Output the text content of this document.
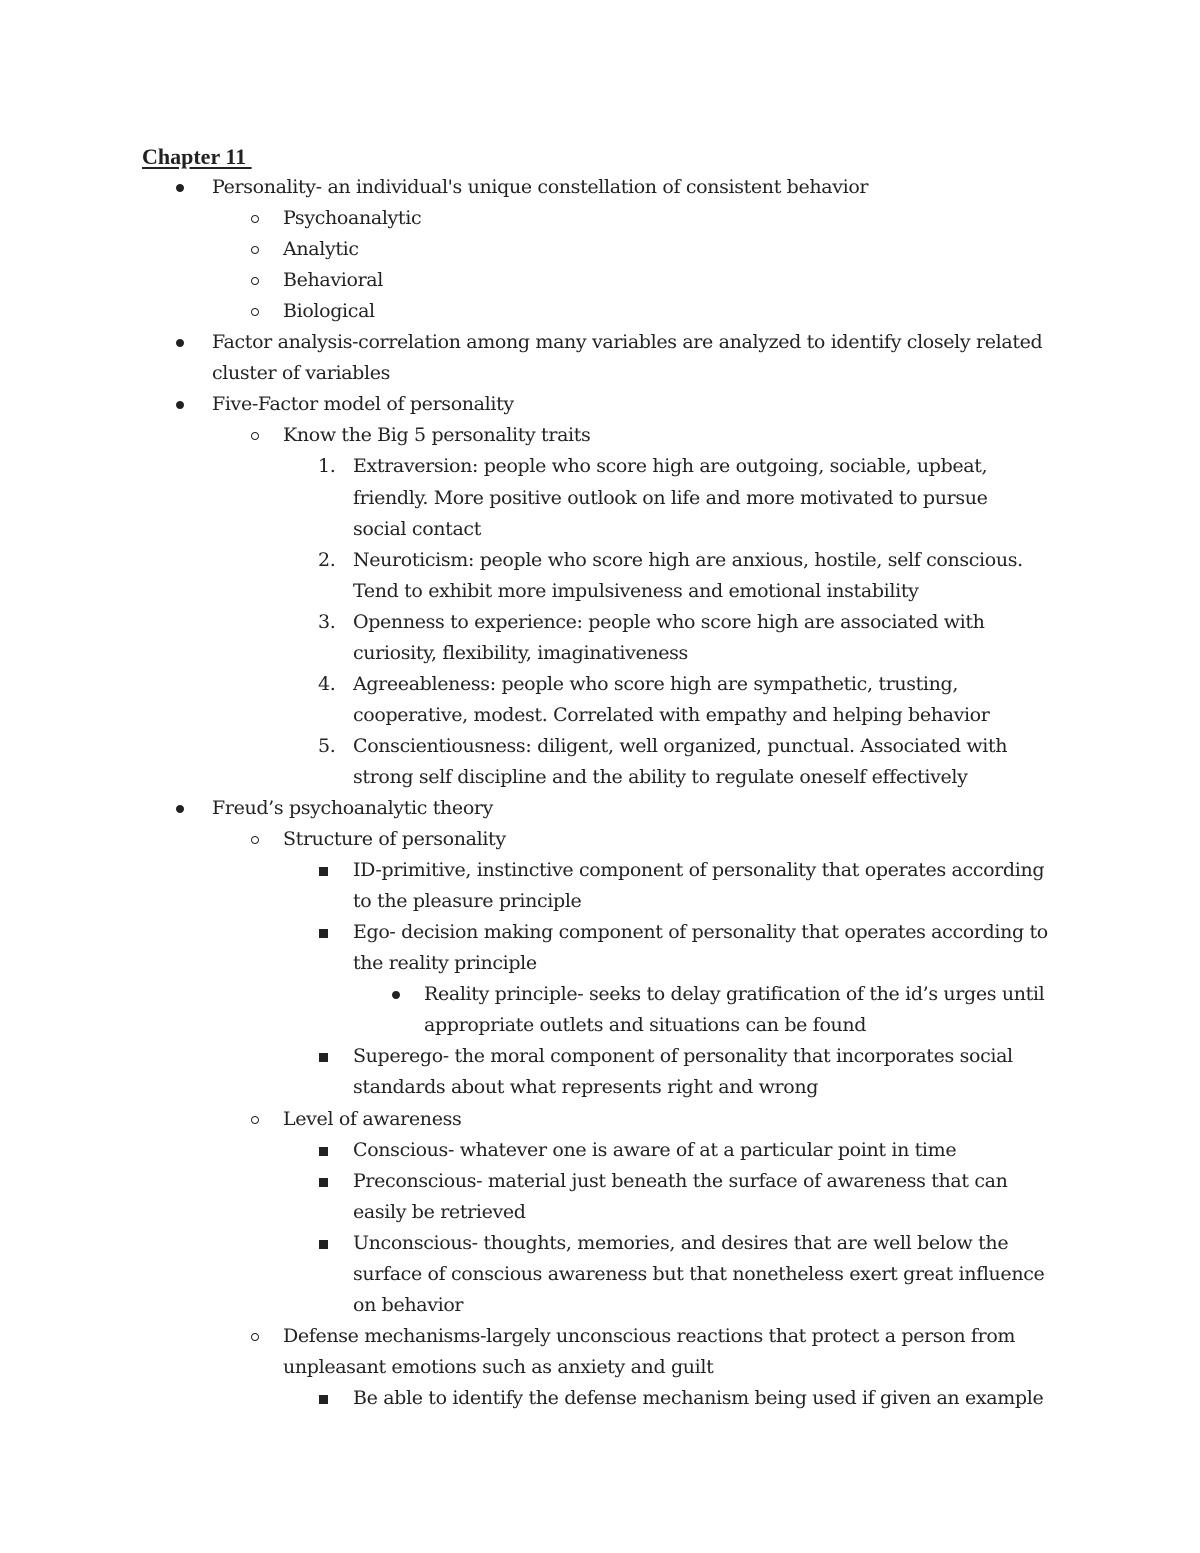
Chapter 11
Personality- an individual's unique constellation of consistent behavior
Psychoanalytic
Analytic
Behavioral
Biological
Factor analysis-correlation among many variables are analyzed to identify closely related
cluster of variables
Five-Factor model of personality
Know the Big 5 personality traits
1. Extraversion: people who score high are outgoing, sociable, upbeat,
friendly. More positive outlook on life and more motivated to pursue
social contact
2. Neuroticism: people who score high are anxious, hostile, self conscious.
Tend to exhibit more impulsiveness and emotional instability
3. Openness to experience: people who score high are associated with
curiosity, flexibility, imaginativeness
4. Agreeableness: people who score high are sympathetic, trusting,
cooperative, modest. Correlated with empathy and helping behavior
5. Conscientiousness: diligent, well organized, punctual. Associated with
strong self discipline and the ability to regulate oneself effectively
Freud’s psychoanalytic theory
Structure of personality
ID-primitive, instinctive component of personality that operates according
to the pleasure principle
Ego- decision making component of personality that operates according to
the reality principle
Reality principle- seeks to delay gratification of the id’s urges until
appropriate outlets and situations can be found
Superego- the moral component of personality that incorporates social
standards about what represents right and wrong
Level of awareness
Conscious- whatever one is aware of at a particular point in time
Preconscious- material just beneath the surface of awareness that can
easily be retrieved
Unconscious- thoughts, memories, and desires that are well below the
surface of conscious awareness but that nonetheless exert great influence
on behavior
Defense mechanisms-largely unconscious reactions that protect a person from
unpleasant emotions such as anxiety and guilt
Be able to identify the defense mechanism being used if given an example
